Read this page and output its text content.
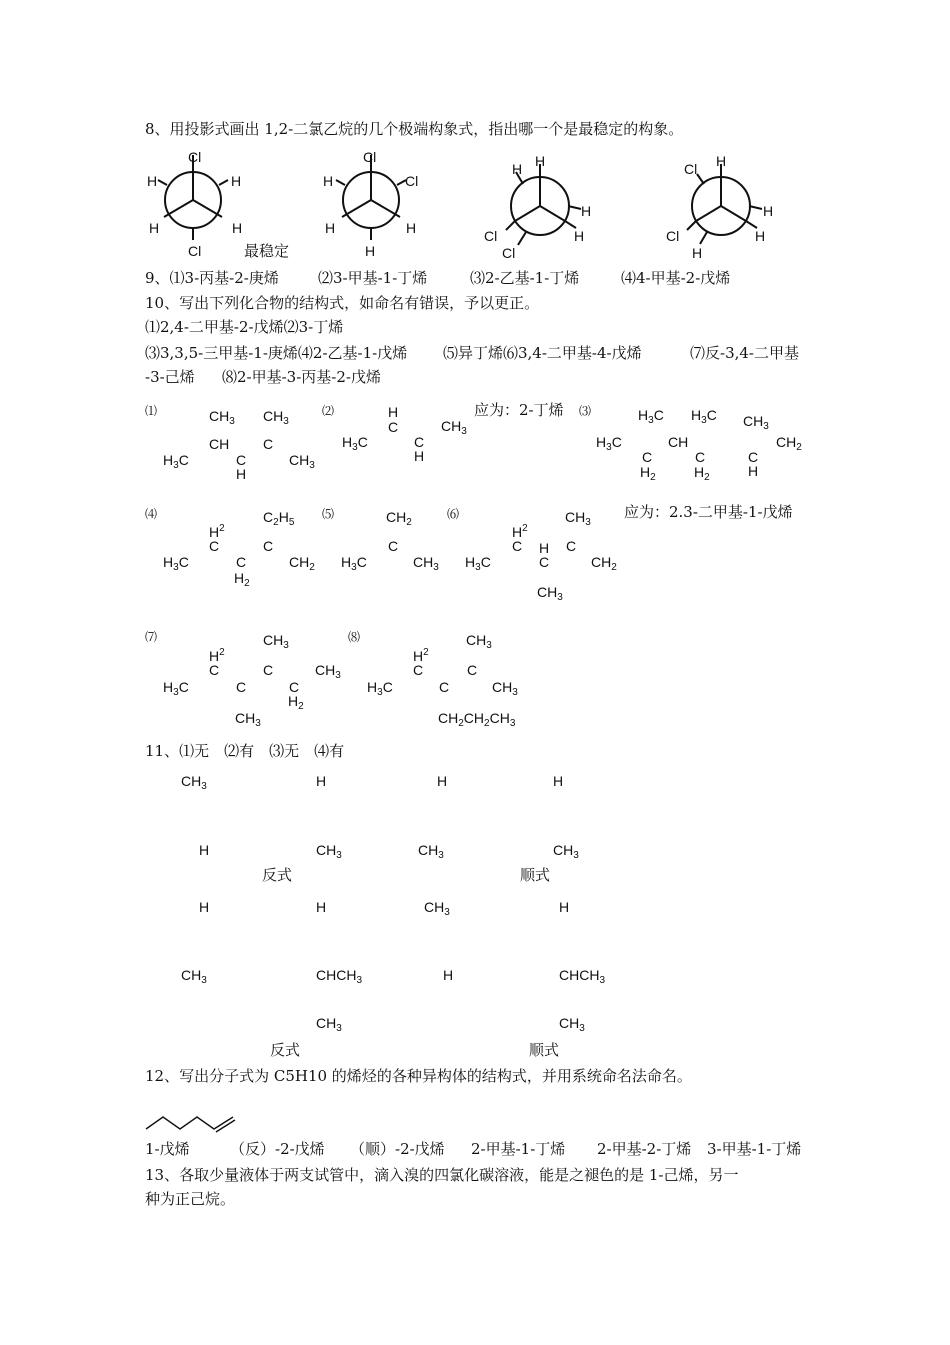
8、用投影式画出 1,2-二氯乙烷的几个极端构象式，指出哪一个是最稳定的构象。
Cl
H	H
H	H
Cl	最稳定
Cl
H	Cl
H	H
H
H H
H
H
Cl
Cl
Cl H
H
H
Cl
H
9、⑴3-丙基-2-庚烯	⑵3-甲基-1-丁烯	⑶2-乙基-1-丁烯	⑷4-甲基-2-戊烯
10、写出下列化合物的结构式，如命名有错误，予以更正。
⑴2,4-二甲基-2-戊烯⑵3-丁烯
⑶3,3,5-三甲基-1-庚烯⑷2-乙基-1-戊烯 ⑸异丁烯⑹3,4-二甲基-4-戊烯	⑺反-3,4-二甲基
-3-己烯 ⑻2-甲基-3-丙基-2-戊烯
⑴	$CH_3$ $CH_3$
CH C
$H_3C$	C	$CH_3$
H
⑵	H
C	$CH_3$
$H_3C$	C
H
应为：2-丁烯 ⑶	$H_3C$ $H_3C$ $CH_3$
$H_3C$	CH	$CH_2$
C	C	C
$H_2$	$H_2$	H
⑷	$C_2H_5$
$H^2$
C	C
$H_3C$	C	$CH_2$
$H_2$
⑸	$CH_2$
C
$H_3C$	$CH_3$
⑹	$CH_3$
$H^2$
C H C
$H_3C$	C	$CH_2$
$CH_3$
应为：2.3-二甲基-1-戊烯
⑺	$CH_3$
$H^2$
C	C	$CH_3$
$H_3C$	C	C
$H_2$
$CH_3$
⑻	$CH_3$
$H^2$
C	C
$H_3C$	C	$CH_3$
$CH_2CH_2CH_3$
11、⑴无　⑵有　⑶无　⑷有
$CH_3$	H	H	H
H	$CH_3$	$CH_3$	$CH_3$
反式	顺式
H	H	$CH_3$	H
$CH_3$	$CHCH_3$	H	$CHCH_3$
$CH_3$	$CH_3$
反式	顺式
12、写出分子式为 C5H10 的烯烃的各种异构体的结构式，并用系统命名法命名。
1-戊烯	（反）-2-戊烯 （顺）-2-戊烯 2-甲基-1-丁烯 2-甲基-2-丁烯 3-甲基-1-丁烯
13、各取少量液体于两支试管中，滴入溴的四氯化碳溶液，能是之褪色的是 1-己烯，另一
种为正己烷。
